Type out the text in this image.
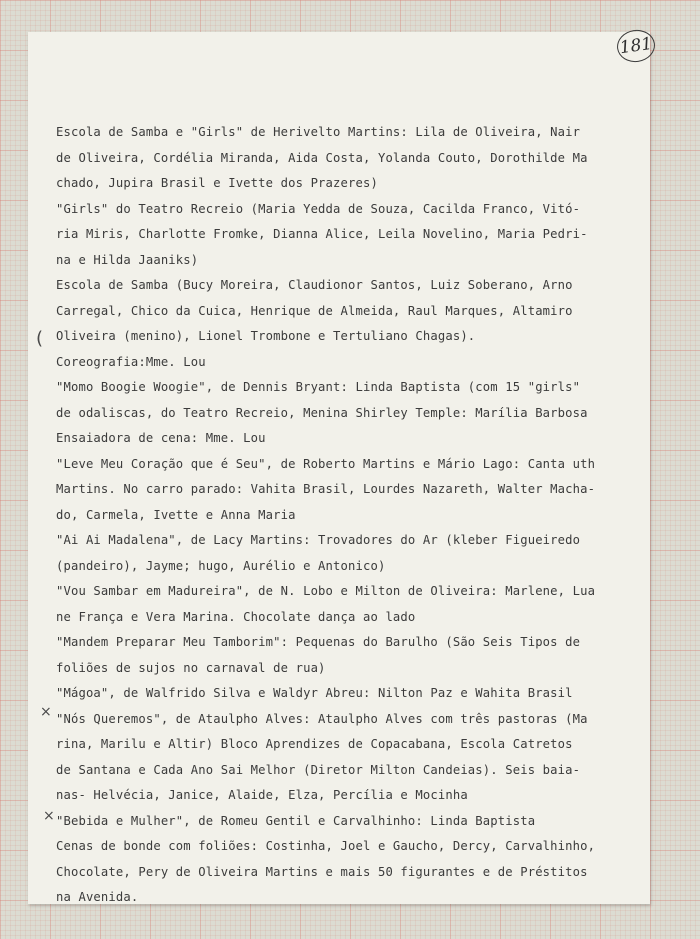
181
Escola de Samba e "Girls" de Herivelto Martins: Lila de Oliveira, Nair
de Oliveira, Cordélia Miranda, Aida Costa, Yolanda Couto, Dorothilde Ma
chado, Jupira Brasil e Ivette dos Prazeres)
"Girls" do Teatro Recreio (Maria Yedda de Souza, Cacilda Franco, Vitó-
ria Miris, Charlotte Fromke, Dianna Alice, Leila Novelino, Maria Pedri-
na e Hilda Jaaniks)
Escola de Samba (Bucy Moreira, Claudionor Santos, Luiz Soberano, Arno
Carregal, Chico da Cuica, Henrique de Almeida, Raul Marques, Altamiro
Oliveira (menino), Lionel Trombone e Tertuliano Chagas).
Coreografia:Mme. Lou
"Momo Boogie Woogie", de Dennis Bryant: Linda Baptista (com 15 "girls"
de odaliscas, do Teatro Recreio, Menina Shirley Temple: Marília Barbosa
Ensaiadora de cena: Mme. Lou
"Leve Meu Coração que é Seu", de Roberto Martins e Mário Lago: Canta uth
Martins. No carro parado: Vahita Brasil, Lourdes Nazareth, Walter Macha-
do, Carmela, Ivette e Anna Maria
"Ai Ai Madalena", de Lacy Martins: Trovadores do Ar (kleber Figueiredo
(pandeiro), Jayme; hugo, Aurélio e Antonico)
"Vou Sambar em Madureira", de N. Lobo e Milton de Oliveira: Marlene, Lua
ne França e Vera Marina. Chocolate dança ao lado
"Mandem Preparar Meu Tamborim": Pequenas do Barulho (São Seis Tipos de
foliões de sujos no carnaval de rua)
"Mágoa", de Walfrido Silva e Waldyr Abreu: Nilton Paz e Wahita Brasil
"Nós Queremos", de Ataulpho Alves: Ataulpho Alves com três pastoras (Ma
rina, Marilu e Altir) Bloco Aprendizes de Copacabana, Escola Catretos
de Santana e Cada Ano Sai Melhor (Diretor Milton Candeias). Seis baia-
nas- Helvécia, Janice, Alaide, Elza, Percília e Mocinha
"Bebida e Mulher", de Romeu Gentil e Carvalhinho: Linda Baptista
Cenas de bonde com foliões: Costinha, Joel e Gaucho, Dercy, Carvalhinho,
Chocolate, Pery de Oliveira Martins e mais 50 figurantes e de Préstitos
na Avenida.
(
×
×
